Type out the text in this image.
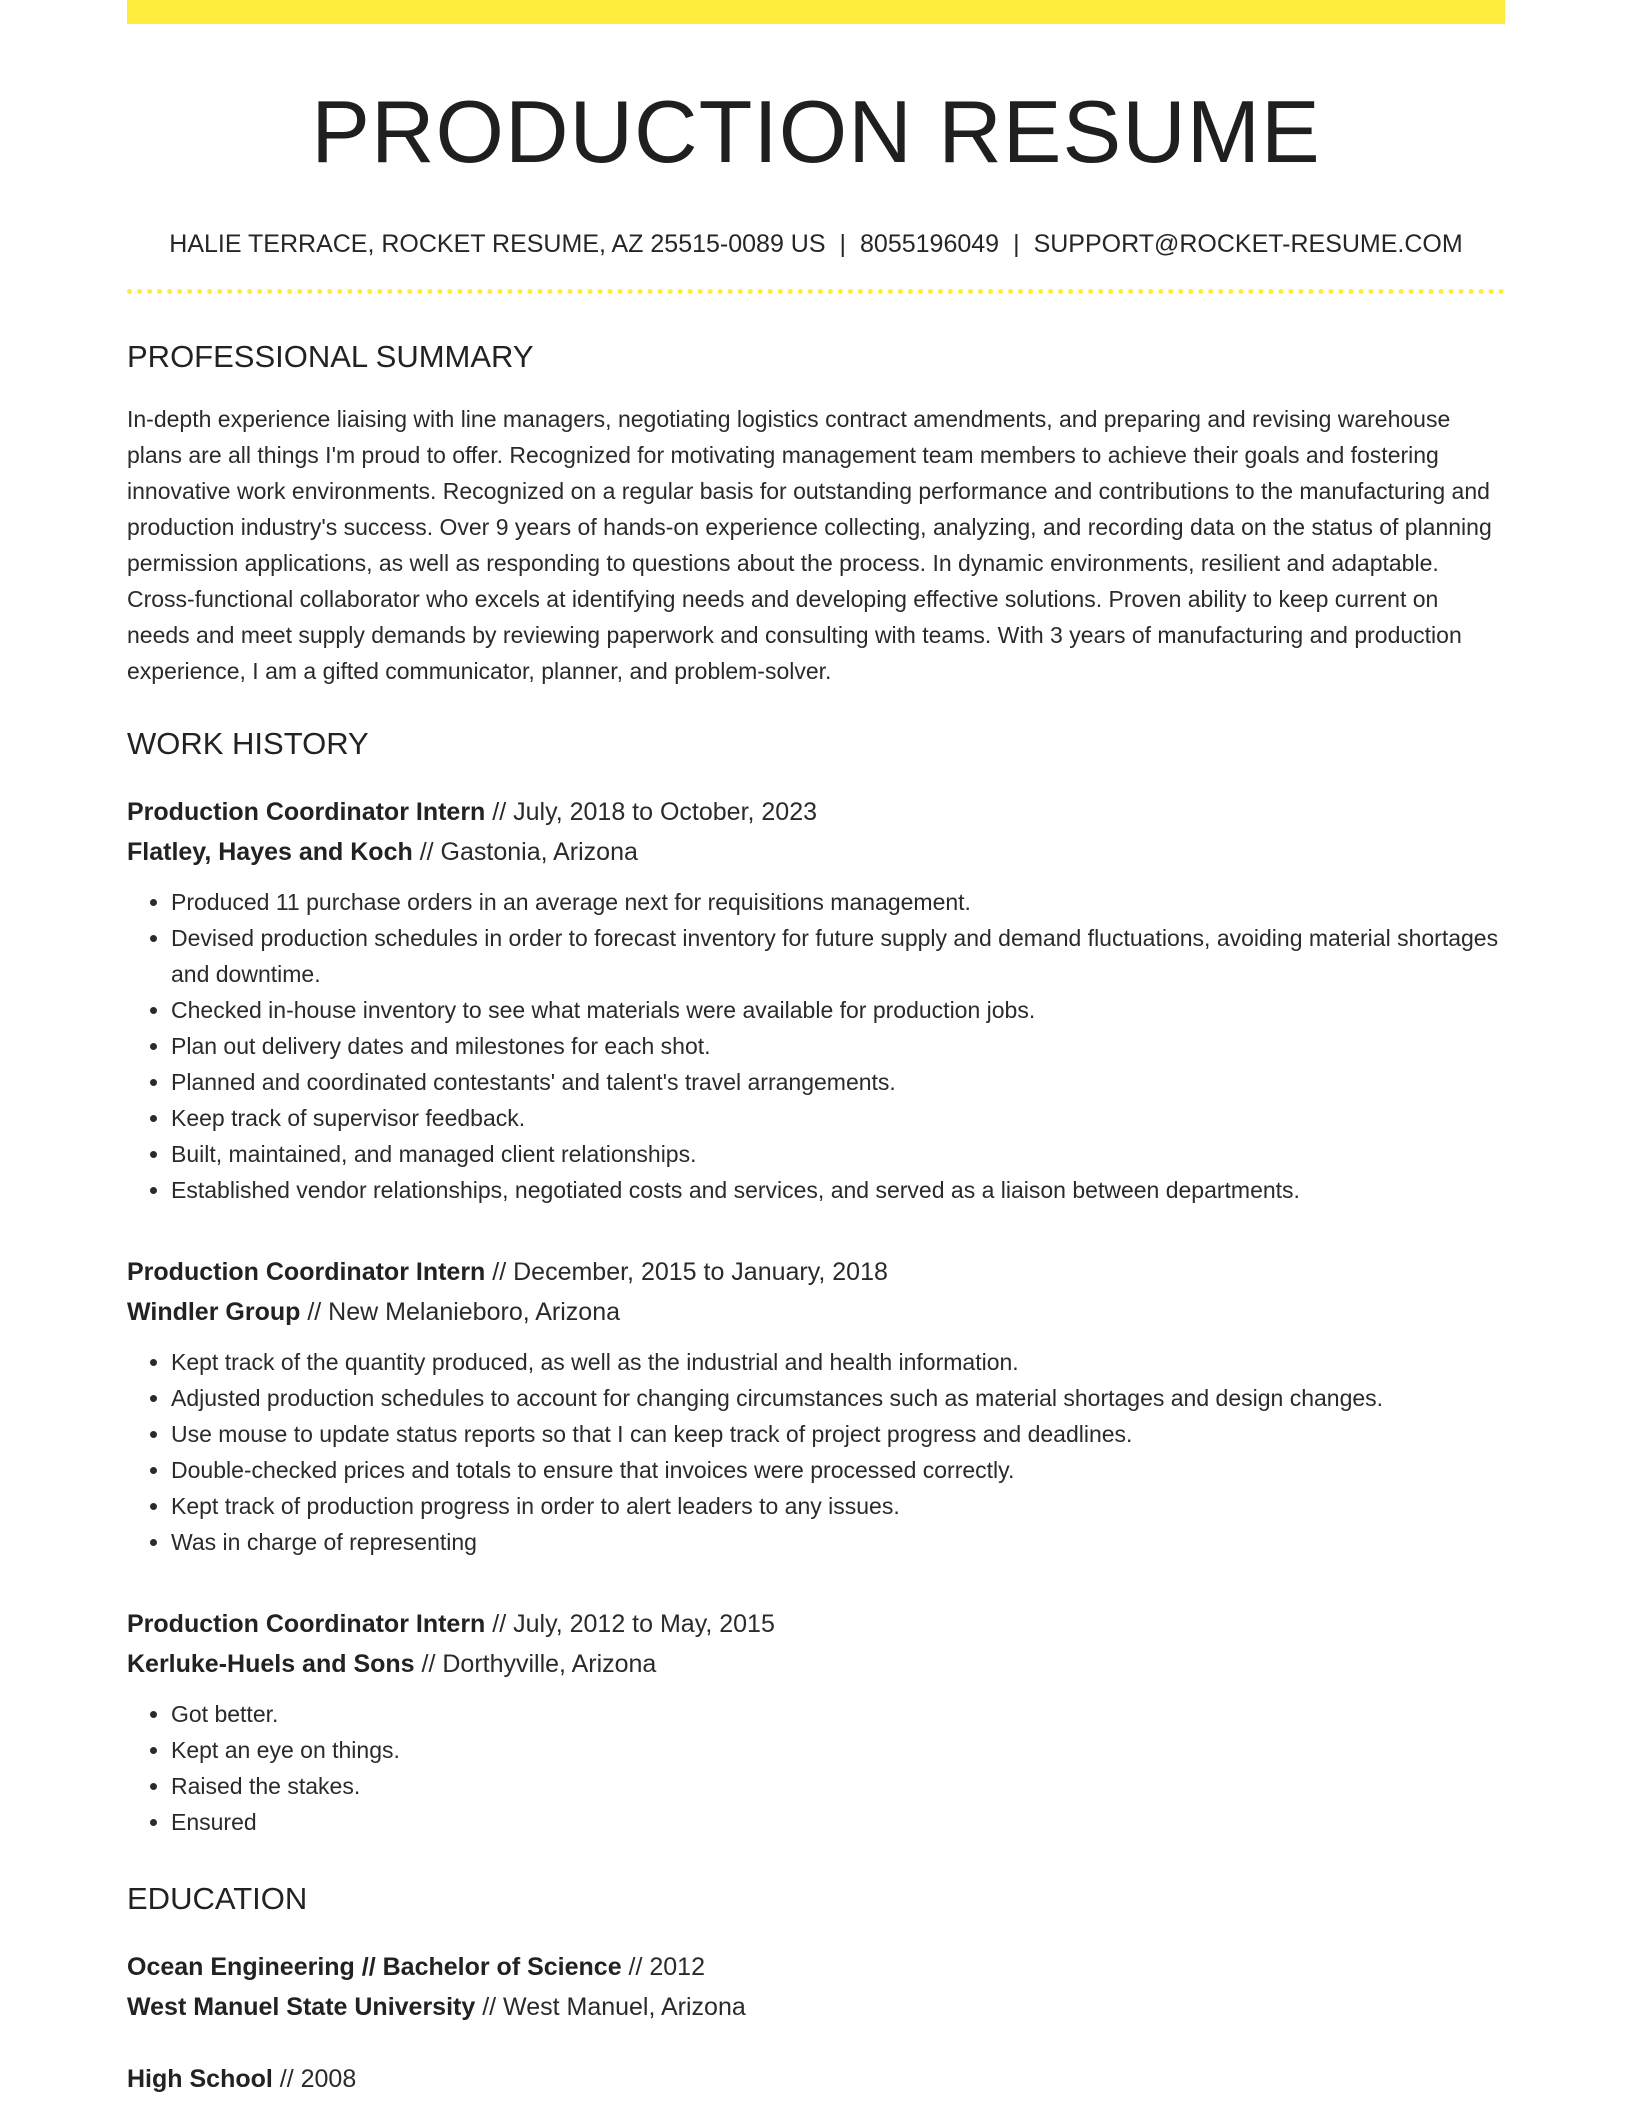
PRODUCTION RESUME
HALIE TERRACE, ROCKET RESUME, AZ 25515-0089 US | 8055196049 | SUPPORT@ROCKET-RESUME.COM
PROFESSIONAL SUMMARY

In-depth experience liaising with line managers, negotiating logistics contract amendments, and preparing and revising warehouse plans are all things I'm proud to offer. Recognized for motivating management team members to achieve their goals and fostering innovative work environments. Recognized on a regular basis for outstanding performance and contributions to the manufacturing and production industry's success. Over 9 years of hands-on experience collecting, analyzing, and recording data on the status of planning permission applications, as well as responding to questions about the process. In dynamic environments, resilient and adaptable. Cross-functional collaborator who excels at identifying needs and developing effective solutions. Proven ability to keep current on needs and meet supply demands by reviewing paperwork and consulting with teams. With 3 years of manufacturing and production experience, I am a gifted communicator, planner, and problem-solver.

WORK HISTORY
Production Coordinator Intern // July, 2018 to October, 2023
Flatley, Hayes and Koch // Gastonia, Arizona
• Produced 11 purchase orders in an average next for requisitions management.
• Devised production schedules in order to forecast inventory for future supply and demand fluctuations, avoiding material shortages and downtime.
• Checked in-house inventory to see what materials were available for production jobs.
• Plan out delivery dates and milestones for each shot.
• Planned and coordinated contestants' and talent's travel arrangements.
• Keep track of supervisor feedback.
• Built, maintained, and managed client relationships.
• Established vendor relationships, negotiated costs and services, and served as a liaison between departments.
Production Coordinator Intern // December, 2015 to January, 2018
Windler Group // New Melanieboro, Arizona
• Kept track of the quantity produced, as well as the industrial and health information.
• Adjusted production schedules to account for changing circumstances such as material shortages and design changes.
• Use mouse to update status reports so that I can keep track of project progress and deadlines.
• Double-checked prices and totals to ensure that invoices were processed correctly.
• Kept track of production progress in order to alert leaders to any issues.
• Was in charge of representing
Production Coordinator Intern // July, 2012 to May, 2015
Kerluke-Huels and Sons // Dorthyville, Arizona
• Got better.
• Kept an eye on things.
• Raised the stakes.
• Ensured
EDUCATION
Ocean Engineering // Bachelor of Science // 2012
West Manuel State University // West Manuel, Arizona
High School // 2008
